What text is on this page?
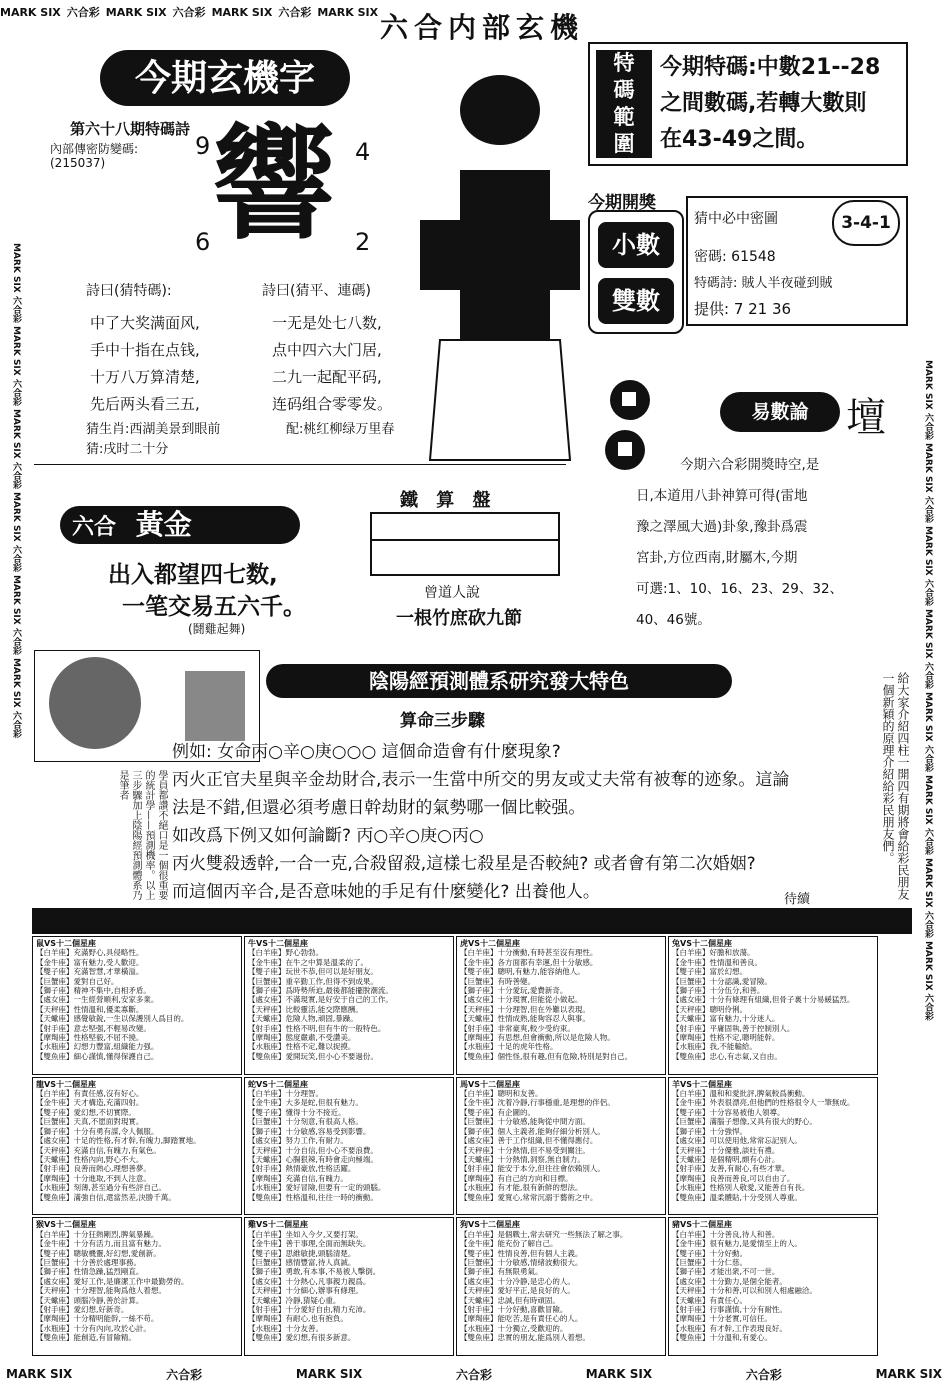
MARK SIX 六合彩 MARK SIX 六合彩 MARK SIX 六合彩 MARK SIX 六合内部玄機
MARK SIX 六合彩 MARK SIX 六合彩 MARK SIX 六合彩 MARK SIX 六合彩 MARK SIX 六合彩 MARK SIX 六合彩	MARK SIX 六合彩 MARK SIX 六合彩 MARK SIX 六合彩 MARK SIX 六合彩 MARK SIX 六合彩 MARK SIX 六合彩 MARK SIX 六合彩 MARK SIX 六合彩
今期玄機字
第六十八期特碼詩
內部傳密防變碼:
(215037) 響
9	4
6	2
詩曰(猜特碼):	詩曰(猜平、連碼)
中了大奖满面风,
手中十指在点钱,
十万八万算清楚,
先后两头看三五,
一无是处七八数,
点中四六大门居,
二九一起配平码,
连码组合零零发。
猜生肖:西湖美景到眼前	配:桃红柳绿万里春
猜:戌时二十分
特
碼
範
圍
今期特碼:中數21--28
之間數碼,若轉大數則
在43-49之間。
今期開獎
小數
雙數
猜中必中密圖	3-4-1
密碼: 61548
特碼詩: 賊人半夜碰到賊
提供: 7 21 36
易數論 壇
今期六合彩開獎時空,是
日,本道用八卦神算可得(雷地
豫之澤風大過)卦象,豫卦爲震
宮卦,方位西南,財屬木,今期
可選:1、10、16、23、29、32、
40、46號。
六合 黃金
出入都望四七数,
一笔交易五六千。
(鬪雞起舞)
鐵 算 盤
曾道人說
一根竹庶砍九節
陰陽經預測體系研究發大特色
算命三步驟
例如: 女命丙○辛○庚○○○ 這個命造會有什麼現象?
丙火正官夫星與辛金劫財合,表示一生當中所交的男友或丈夫常有被奪的迹象。這論
法是不錯,但還必須考慮日幹劫財的氣勢哪一個比較强。
如改爲下例又如何論斷? 丙○辛○庚○丙○
丙火雙殺透幹,一合一克,合殺留殺,這樣七殺星是否較純? 或者會有第二次婚姻?
而這個丙辛合,是否意味她的手足有什麼變化? 出養他人。	待續
學員都讚不絕口是一個很重要的統計學——預測機率。以上三步驟加上陰陽經預測體系乃是筆者	給大家介紹四柱一開四有期將會給彩民朋友一個新穎的原理介紹給彩民朋友們。
鼠VS十二個星座
【白羊座】充滿野心,具侵略性。
【金牛座】富有魅力,受人歡迎。
【雙子座】充滿智慧,才華橫溢。
【巨蟹座】愛對自己好。
【獅子座】精神不集中,自相矛盾。
【處女座】一生經營順利,安家多業。
【天秤座】性情溫和,優柔寡斷。
【天蠍座】感覺敏銳,一生以保護別人爲目的。
【射手座】意志堅强,不輕易改變。
【摩羯座】性格堅毅,不屈不撓。
【水瓶座】幻想力豐富,組織能力强。
【雙魚座】細心謹慎,懂得保護自己。
牛VS十二個星座
【白羊座】野心勃勃。
【金牛座】在牛之中算是溫柔的了。
【雙子座】玩世不恭,但可以是好朋友。
【巨蟹座】重辛勤工作,但得不到成果。
【獅子座】爲時勢所迫,最後都能擺脫潮流。
【處女座】不滿現實,是好安于自己的工作。
【天秤座】比較靈活,能交際應酬。
【天蠍座】危險人物,頑固,暴躁。
【射手座】性格不明,但有牛的一般特色。
【摩羯座】態度嚴肅,不受讚美。
【水瓶座】性格不定,難以捉摸。
【雙魚座】愛開玩笑,但小心不要過份。
虎VS十二個星座
【白羊座】十分衝動,有時甚至沒有理性。
【金牛座】各方面都有幸運,但十分敏感。
【雙子座】聰明,有魅力,能容納他人。
【巨蟹座】有時善變。
【獅子座】十分愛玩,愛費新奇。
【處女座】十分現實,但能從小做起。
【天秤座】十分理智,但在外難以表現。
【天蠍座】性情成熟,能夠容忍人與事。
【射手座】非常豪爽,較少受約束。
【摩羯座】有思想,但會衝動,所以是危險人物。
【水瓶座】十足的虎年性格。
【雙魚座】個性怪,很有趣,但有危險,特別是對自己。
兔VS十二個星座
【白羊座】好膽和放蕩。
【金牛座】性情溫和善良。
【雙子座】富於幻想。
【巨蟹座】十分認識,愛冒險。
【獅子座】十分伍分,和善。
【處女座】十分有條理有組織,但骨子裏十分易緩猛烈。
【天秤座】聰明伶俐。
【天蠍座】富有魅力,十分迷人。
【射手座】平庸固執,善于控制別人。
【摩羯座】性格不定,聰明能幹。
【水瓶座】我,不能輸給。
【雙魚座】忠心,有志氣,又自由。
龍VS十二個星座
【白羊座】有責任感,沒有好心。
【金牛座】天才構造,充滿四射。
【雙子座】愛幻想,不切實際。
【巨蟹座】天真,不愿面對現實。
【獅子座】十分有勇有謀,令人佩服。
【處女座】十足的性格,有才幹,有魄力,脚踏實地。
【天秤座】充滿自信,有魄力,有氣色。
【天蠍座】性格內向,野心不大。
【射手座】良善而熱心,理想善夢。
【摩羯座】十分進取,不到人注意。
【水瓶座】刻薄,甚至過分有些評自己。
【雙魚座】滿強自信,還當然差,決勝千萬。
蛇VS十二個星座
【白羊座】十分理智。
【金牛座】大多是蛇,但很有魅力。
【雙子座】懂得十分不接近。
【巨蟹座】十分刻意,有很高人格。
【獅子座】十分敏感,容易受到影響。
【處女座】努力工作,有耐力。
【天秤座】十分自信,但小心不要浪費。
【天蠍座】心腸狠辣,有時會走向極端。
【射手座】熱情豪放,性格活躍。
【摩羯座】充滿自信,有魄力。
【水瓶座】愛好冒險,但要有一定的頭腦。
【雙魚座】性格溫和,往往一時的衝動。
馬VS十二個星座
【白羊座】聰明和友善。
【金牛座】沈着冷靜,行事穩重,是理想的伴侶。
【雙子座】有企圖的。
【巨蟹座】十分敏感,能夠從中間方面。
【獅子座】個人主義者,能夠仔細分析別人。
【處女座】善于工作組織,但不懂得應付。
【天秤座】十分熱情,但不易受到關注。
【天蠍座】十分熱情,洞察,無自制力。
【射手座】能安于本分,但往往會依賴別人。
【摩羯座】有自己的方向和目標。
【水瓶座】有才能,很有新鮮的想法。
【雙魚座】愛寬心,常常沉溺于藝術之中。
羊VS十二個星座
【白羊座】溫和和愛批評,脾氣較爲衝動。
【金牛座】外表很漂亮,但他們的性格很令人一筆無成。
【雙子座】十分容易被他人領導。
【巨蟹座】滿腦子想像,又具有很大的野心。
【獅子座】十分強悍。
【處女座】可以使用他,常常忘記别人。
【天秤座】十分優雅,談吐有禮。
【天蠍座】是個精明,頗有心計。
【射手座】友善,有耐心,有些才華。
【摩羯座】良善而善良,可以自由了。
【水瓶座】性格別人敬愛,又能善自有長。
【雙魚座】溫柔體貼,十分受別人尊重。
猴VS十二個星座
【白羊座】十分狂熱剛烈,脾氣暴躁。
【金牛座】十分有活力,而且富有魅力。
【雙子座】聰敏機靈,好幻想,愛創新。
【巨蟹座】十分善於處理事務。
【獅子座】性情急躁,猛烈剛直。
【處女座】愛好工作,是廉潔工作中最勤勞的。
【天秤座】十分理智,能夠爲他人着想。
【天蠍座】頭腦冷靜,善於計算。
【射手座】愛幻想,好新奇。
【摩羯座】十分精明能幹,一絲不苟。
【水瓶座】十分有內向,攻於心計。
【雙魚座】能創造,有冒險精。
雞VS十二個星座
【白羊座】坐如入今夕,又要打架。
【金牛座】善于事理,全面而無缺失。
【雙子座】思維敏捷,頭腦清楚。
【巨蟹座】感情豐富,待人真誠。
【獅子座】勇敢,有本事,不易被人擊倒。
【處女座】十分熱心,凡事親力親爲。
【天秤座】十分細心,辦事有條理。
【天蠍座】冷靜,猜疑心重。
【射手座】十分愛好自由,精力充沛。
【摩羯座】有耐心,也有抱負。
【水瓶座】十分友善。
【雙魚座】愛幻想,有很多新意。
狗VS十二個星座
【白羊座】是個戰士,常去研究一些無法了解之事。
【金牛座】能充份了解自己。
【雙子座】性情良善,但有個人主義。
【巨蟹座】十分敏感,情緒波動很大。
【獅子座】有無限勇氣。
【處女座】十分冷静,是忠心的人。
【天秤座】愛好平正,是良好的人。
【天蠍座】忠誠,但有時頑固。
【射手座】十分好動,喜歡冒險。
【摩羯座】能吃苦,是有責任心的人。
【水瓶座】十分獨立,受歡迎的。
【雙魚座】忠實的朋友,能爲別人着想。
豬VS十二個星座
【白羊座】十分善良,待人和善。
【金牛座】很有魅力,是愛情至上的人。
【雙子座】十分好動。
【巨蟹座】十分仁慈。
【獅子座】才能出衆,不可一世。
【處女座】十分勤力,是個全能者。
【天秤座】十分和善,可以和別人相處融洽。
【天蠍座】有責任心。
【射手座】行事謹慎,十分有耐性。
【摩羯座】十分老實,可信任。
【水瓶座】有才幹,工作表現良好。
【雙魚座】十分溫和,有愛心。
MARK SIX	六合彩	MARK SIX	六合彩	MARK SIX	六合彩	MARK SIX
